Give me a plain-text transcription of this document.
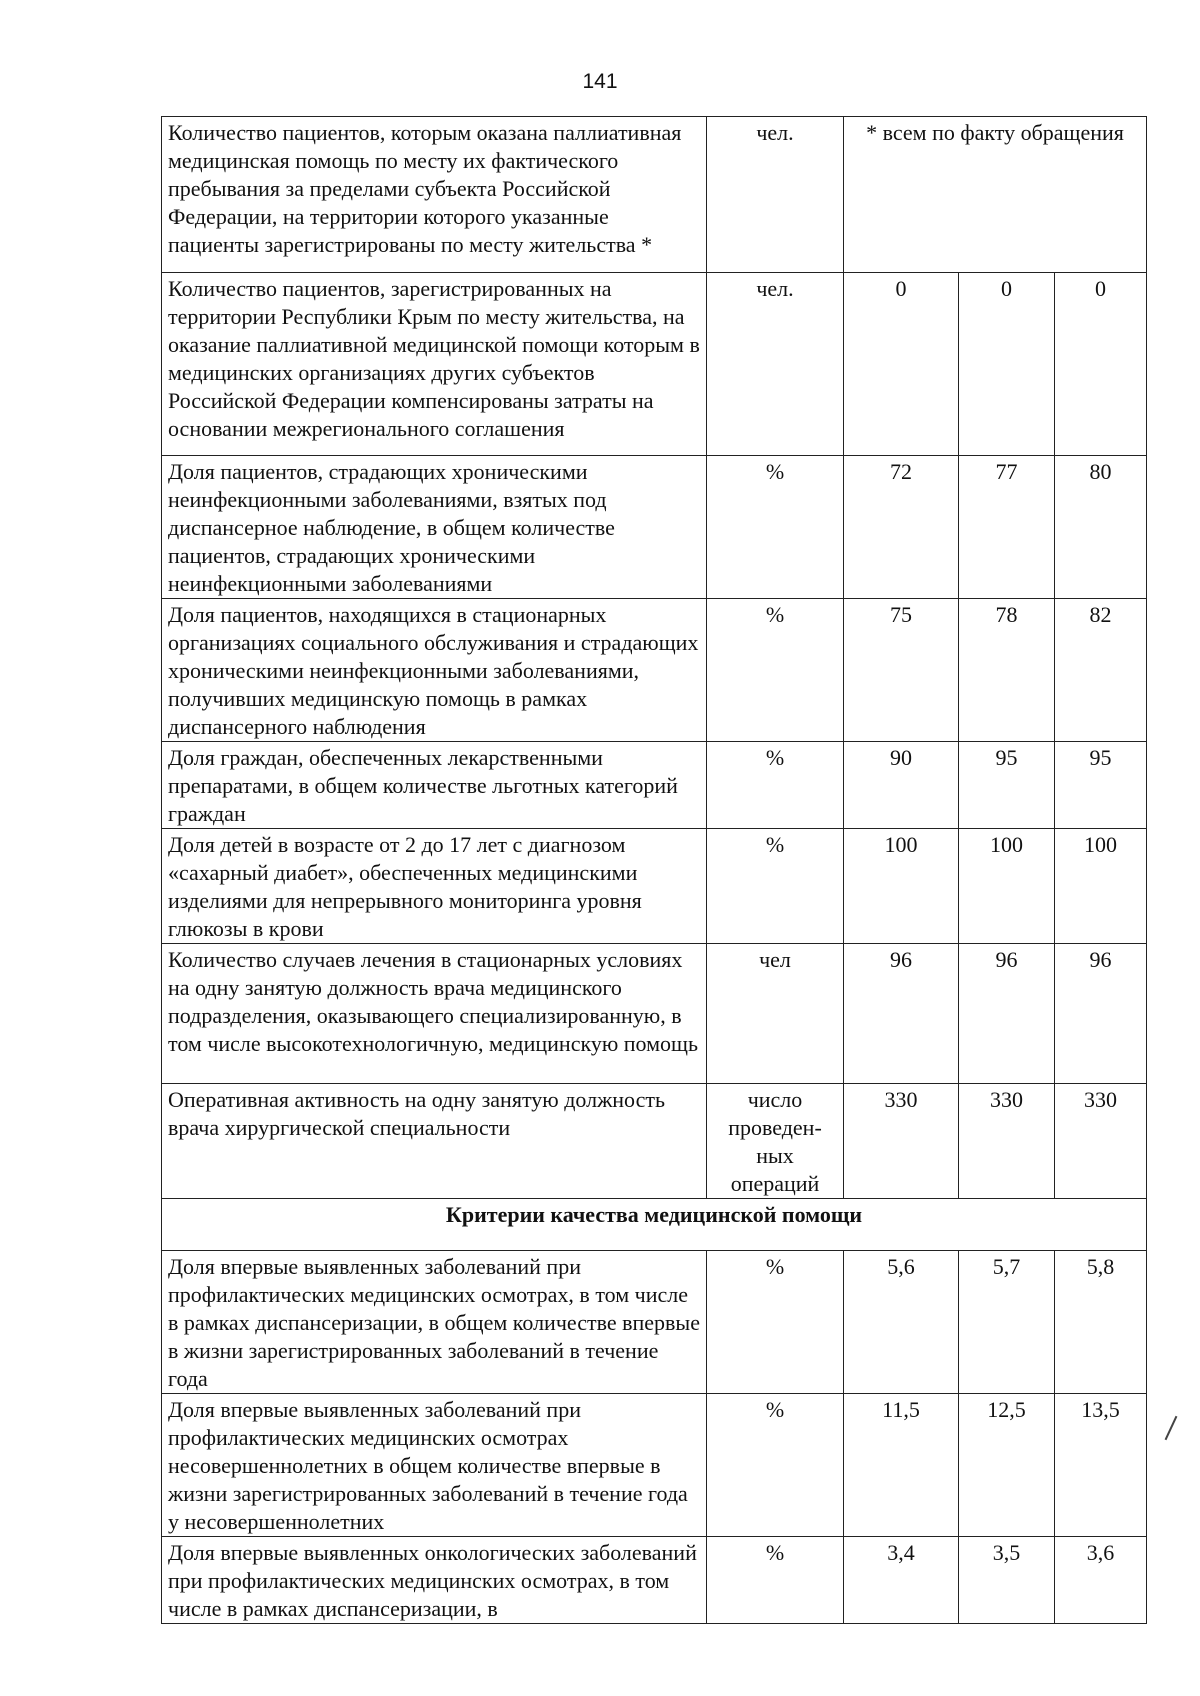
141
Количество пациентов, которым оказана паллиативная медицинская помощь по месту их фактического пребывания за пределами субъекта Российской Федерации, на территории которого указанные пациенты зарегистрированы по месту жительства *	чел.	* всем по факту обращения		
Количество пациентов, зарегистрированных на территории Республики Крым по месту жительства, на оказание паллиативной медицинской помощи которым в медицинских организациях других субъектов Российской Федерации компенсированы затраты на основании межрегионального соглашения	чел.	0	0	0
Доля пациентов, страдающих хроническими неинфекционными заболеваниями, взятых под диспансерное наблюдение, в общем количестве пациентов, страдающих хроническими неинфекционными заболеваниями	%	72	77	80
Доля пациентов, находящихся в стационарных организациях социального обслуживания и страдающих хроническими неинфекционными заболеваниями, получивших медицинскую помощь в рамках диспансерного наблюдения	%	75	78	82
Доля граждан, обеспеченных лекарственными препаратами, в общем количестве льготных категорий граждан	%	90	95	95
Доля детей в возрасте от 2 до 17 лет с диагнозом «сахарный диабет», обеспеченных медицинскими изделиями для непрерывного мониторинга уровня глюкозы в крови	%	100	100	100
Количество случаев лечения в стационарных условиях на одну занятую должность врача медицинского подразделения, оказывающего специализированную, в том числе высокотехнологичную, медицинскую помощь	чел	96	96	96
Оперативная активность на одну занятую должность врача хирургической специальности	число проведен- ных операций	330	330	330
Критерии качества медицинской помощи				
Доля впервые выявленных заболеваний при профилактических медицинских осмотрах, в том числе в рамках диспансеризации, в общем количестве впервые в жизни зарегистрированных заболеваний в течение года	%	5,6	5,7	5,8
Доля впервые выявленных заболеваний при профилактических медицинских осмотрах несовершеннолетних в общем количестве впервые в жизни зарегистрированных заболеваний в течение года у несовершеннолетних	%	11,5	12,5	13,5
Доля впервые выявленных онкологических заболеваний при профилактических медицинских осмотрах, в том числе в рамках диспансеризации, в	%	3,4	3,5	3,6
